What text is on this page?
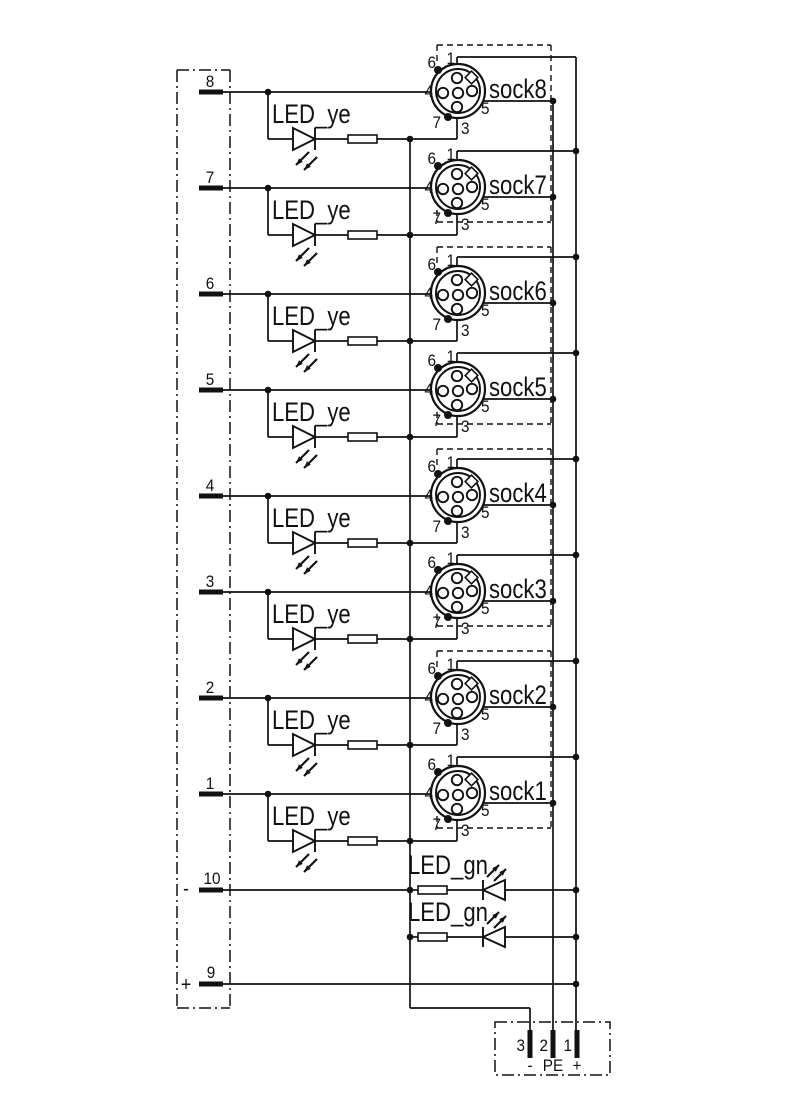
8
LED_ye
1
6
4
5
7 3
sock8
7
LED_ye
1
6
4
5
7 3
sock7
6
LED_ye
1
6
4
5
7 3
sock6
5
LED_ye
1
6
4
5
7 3
sock5
4
LED_ye
1
6
4
5
7 3
sock4
3
LED_ye
1
6
4
5
7 3
sock3
2
LED_ye
1
6
4
5
7 3
sock2
1
LED_ye
1
6
4
5
7 3
sock1
LED_gn
LED_gn
10
-
9
+
3
-
2
PE
1
+
